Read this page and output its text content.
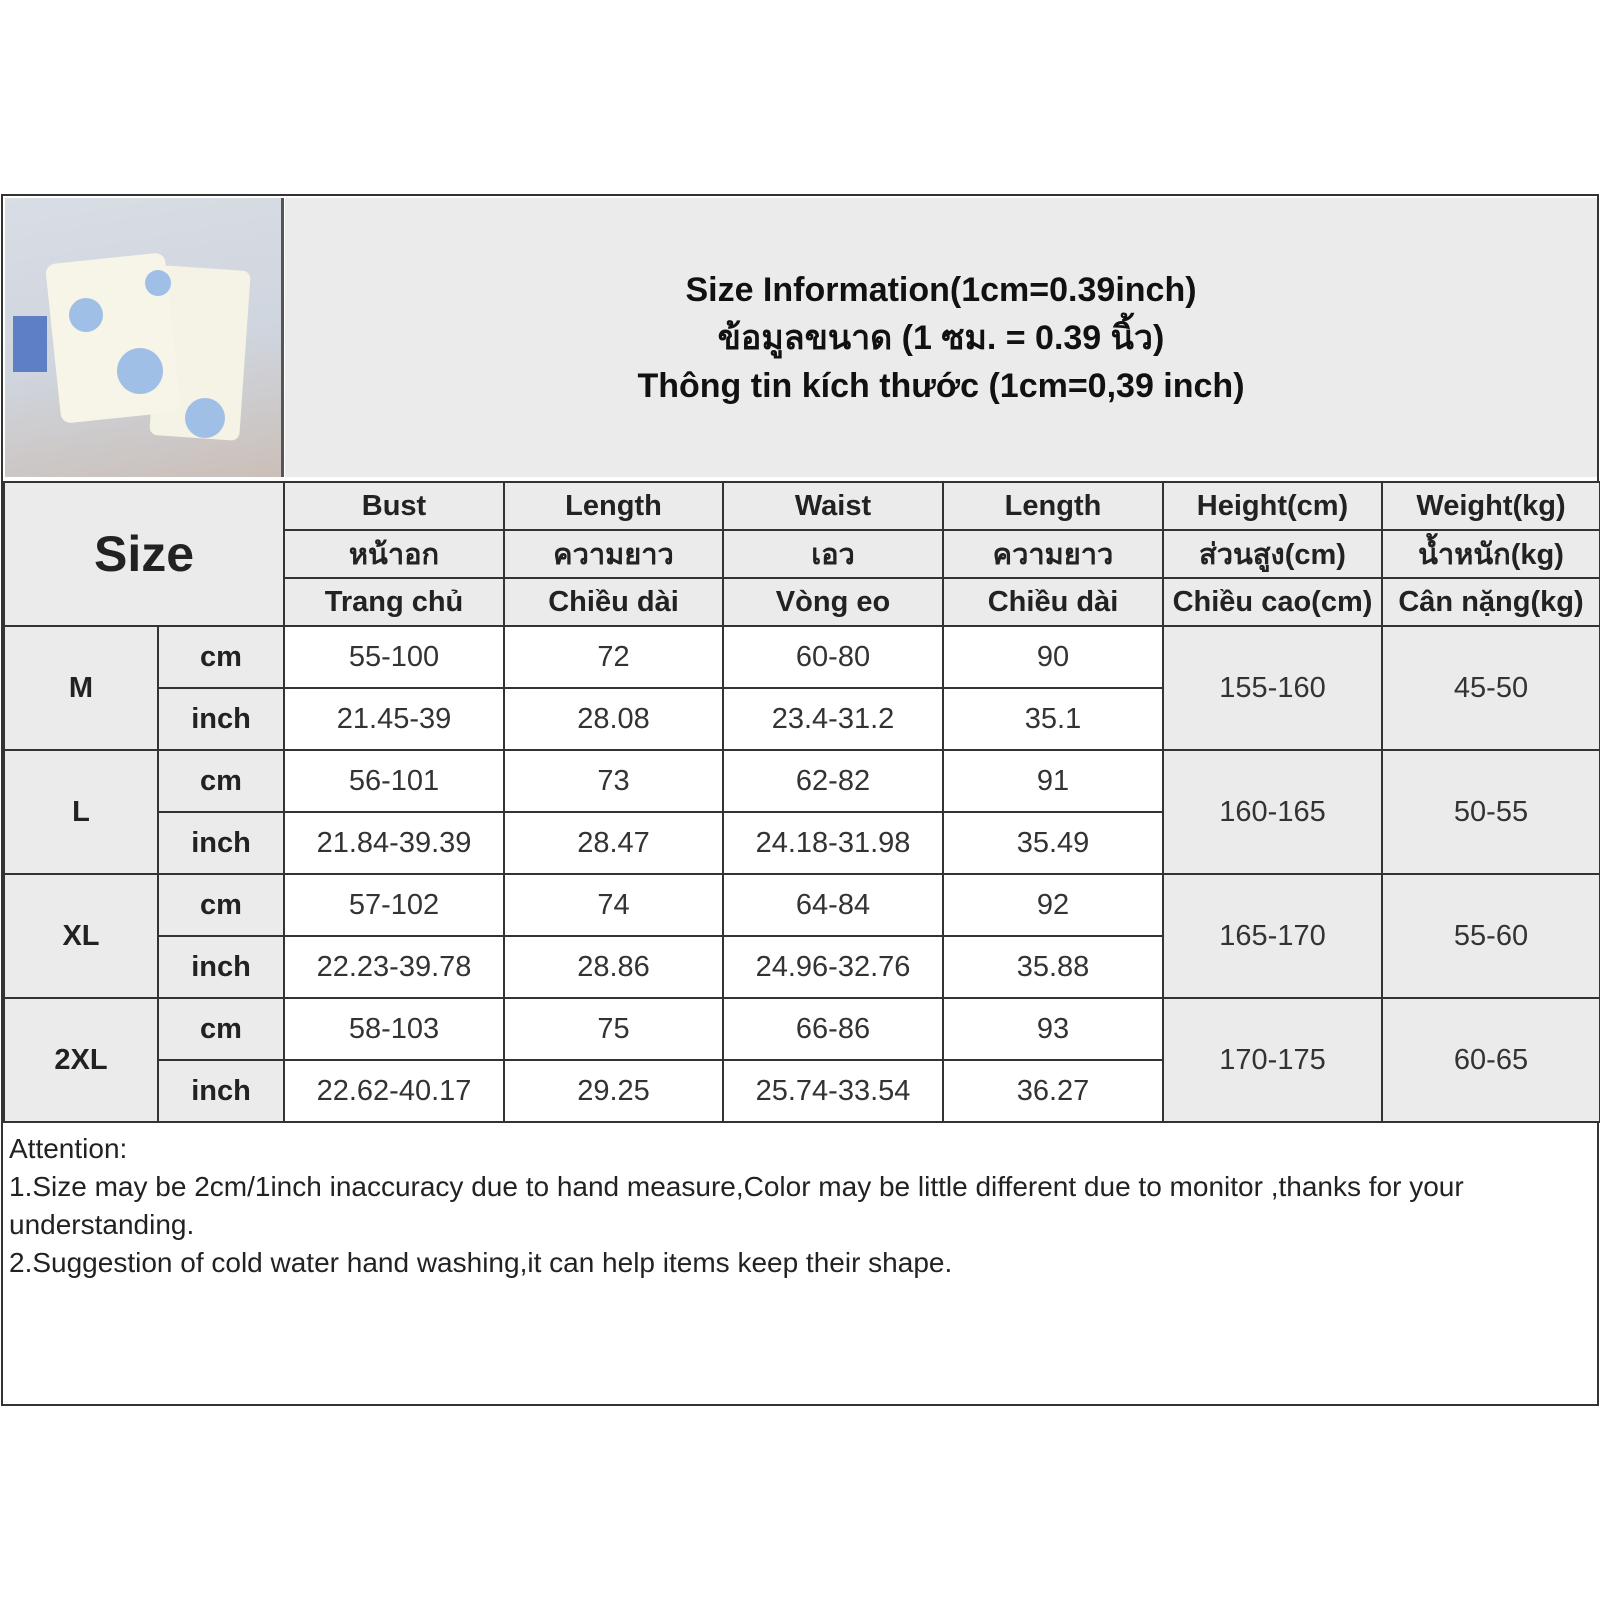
Size Information(1cm=0.39inch)
ข้อมูลขนาด (1 ซม. = 0.39 นิ้ว)
Thông tin kích thước (1cm=0,39 inch)
Size		Bust	Length	Waist	Length	Height(cm)	Weight(kg)
		หน้าอก	ความยาว	เอว	ความยาว	ส่วนสูง(cm)	น้ำหนัก(kg)
		Trang chủ	Chiều dài	Vòng eo	Chiều dài	Chiều cao(cm)	Cân nặng(kg)
M	cm	55-100	72	60-80	90	155-160	45-50
	inch	21.45-39	28.08	23.4-31.2	35.1		
L	cm	56-101	73	62-82	91	160-165	50-55
	inch	21.84-39.39	28.47	24.18-31.98	35.49		
XL	cm	57-102	74	64-84	92	165-170	55-60
	inch	22.23-39.78	28.86	24.96-32.76	35.88		
2XL	cm	58-103	75	66-86	93	170-175	60-65
	inch	22.62-40.17	29.25	25.74-33.54	36.27		
Attention:
1.Size may be 2cm/1inch inaccuracy due to hand measure,Color may be little different due to monitor ,thanks for your understanding.
2.Suggestion of cold water hand washing,it can help items keep their shape.
